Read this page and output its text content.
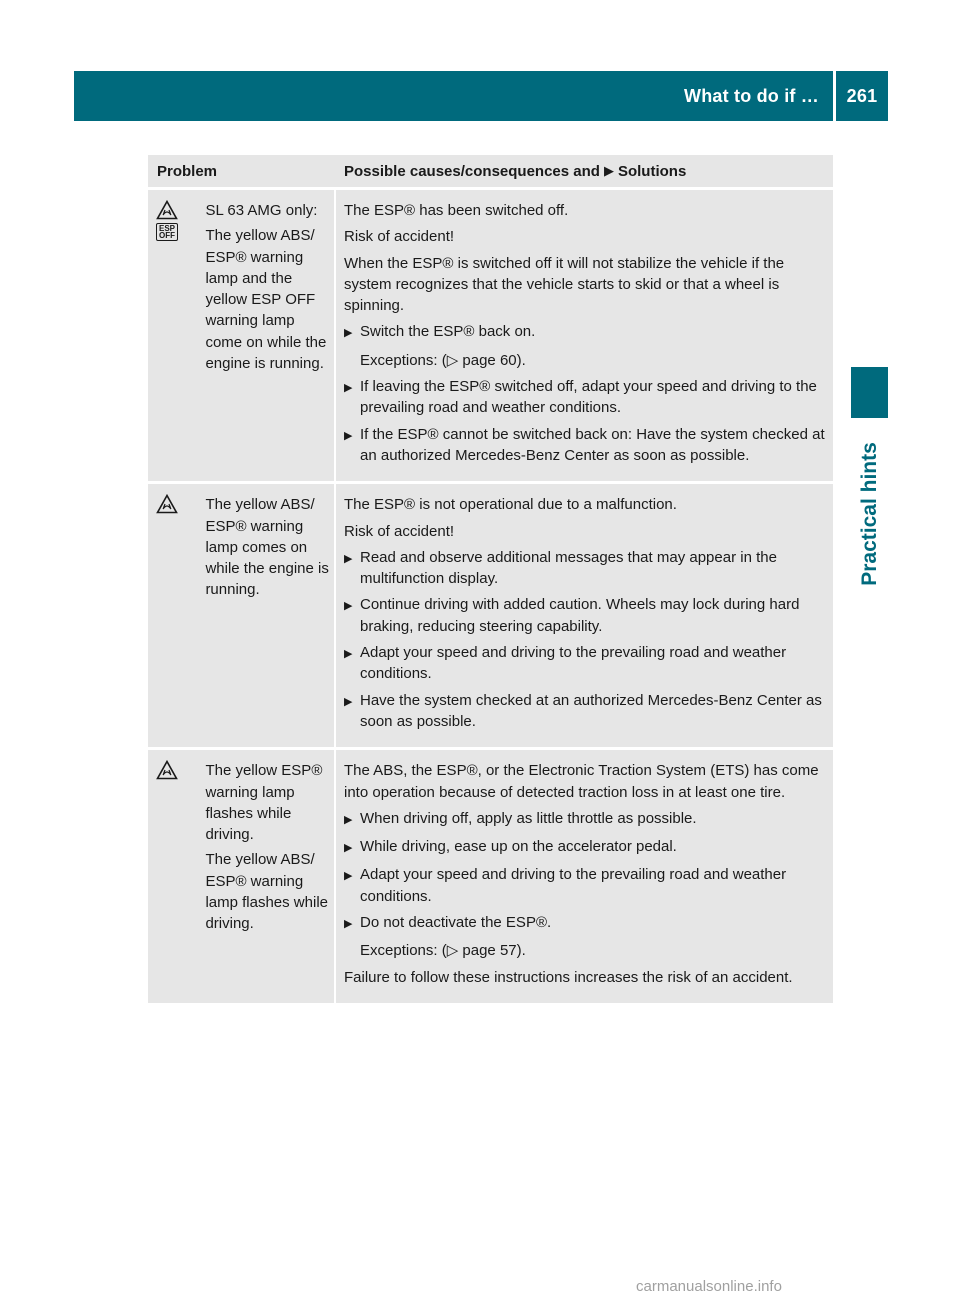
What to do if … 261
Practical hints
Problem	Possible causes/consequences and ▶ Solutions
ESP OFF

SL 63 AMG only:

The yellow ABS/ ESP® warning lamp and the yellow ESP OFF warning lamp come on while the engine is running.

The ESP® has been switched off.

Risk of accident!

When the ESP® is switched off it will not stabilize the vehicle if the system recognizes that the vehicle starts to skid or that a wheel is spinning.

▶ Switch the ESP® back on.
Exceptions: (▷ page 60).
▶ If leaving the ESP® switched off, adapt your speed and driving to the prevailing road and weather conditions.
▶ If the ESP® cannot be switched back on: Have the system checked at an authorized Mercedes-Benz Center as soon as possible.

The yellow ABS/ ESP® warning lamp comes on while the engine is running.

The ESP® is not operational due to a malfunction.

Risk of accident!

▶ Read and observe additional messages that may appear in the multifunction display.
▶ Continue driving with added caution. Wheels may lock during hard braking, reducing steering capability.
▶ Adapt your speed and driving to the prevailing road and weather conditions.
▶ Have the system checked at an authorized Mercedes-Benz Center as soon as possible.

The yellow ESP® warning lamp flashes while driving.

The yellow ABS/ ESP® warning lamp flashes while driving.

The ABS, the ESP®, or the Electronic Traction System (ETS) has come into operation because of detected traction loss in at least one tire.

▶ When driving off, apply as little throttle as possible.
▶ While driving, ease up on the accelerator pedal.
▶ Adapt your speed and driving to the prevailing road and weather conditions.
▶ Do not deactivate the ESP®.
Exceptions: (▷ page 57).

Failure to follow these instructions increases the risk of an accident.

carmanualsonline.info
